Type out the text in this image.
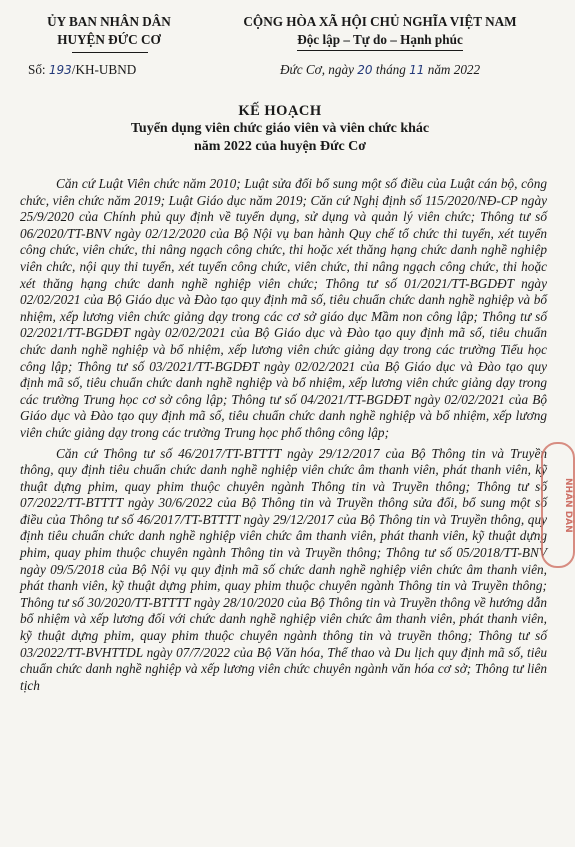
ỦY BAN NHÂN DÂN
HUYỆN ĐỨC CƠ
CỘNG HÒA XÃ HỘI CHỦ NGHĨA VIỆT NAM
Độc lập – Tự do – Hạnh phúc
Số: 193/KH-UBND	Đức Cơ, ngày 20 tháng 11 năm 2022
KẾ HOẠCH
Tuyển dụng viên chức giáo viên và viên chức khác
năm 2022 của huyện Đức Cơ

Căn cứ Luật Viên chức năm 2010; Luật sửa đổi bổ sung một số điều của Luật cán bộ, công chức, viên chức năm 2019; Luật Giáo dục năm 2019; Căn cứ Nghị định số 115/2020/NĐ-CP ngày 25/9/2020 của Chính phủ quy định về tuyển dụng, sử dụng và quản lý viên chức; Thông tư số 06/2020/TT-BNV ngày 02/12/2020 của Bộ Nội vụ ban hành Quy chế tổ chức thi tuyển, xét tuyển công chức, viên chức, thi nâng ngạch công chức, thi hoặc xét thăng hạng chức danh nghề nghiệp viên chức, nội quy thi tuyển, xét tuyển công chức, viên chức, thi nâng ngạch công chức, thi hoặc xét thăng hạng chức danh nghề nghiệp viên chức; Thông tư số 01/2021/TT-BGDĐT ngày 02/02/2021 của Bộ Giáo dục và Đào tạo quy định mã số, tiêu chuẩn chức danh nghề nghiệp và bổ nhiệm, xếp lương viên chức giảng dạy trong các cơ sở giáo dục Mầm non công lập; Thông tư số 02/2021/TT-BGDĐT ngày 02/02/2021 của Bộ Giáo dục và Đào tạo quy định mã số, tiêu chuẩn chức danh nghề nghiệp và bổ nhiệm, xếp lương viên chức giảng dạy trong các trường Tiểu học công lập; Thông tư số 03/2021/TT-BGDĐT ngày 02/02/2021 của Bộ Giáo dục và Đào tạo quy định mã số, tiêu chuẩn chức danh nghề nghiệp và bổ nhiệm, xếp lương viên chức giảng dạy trong các trường Trung học cơ sở công lập; Thông tư số 04/2021/TT-BGDĐT ngày 02/02/2021 của Bộ Giáo dục và Đào tạo quy định mã số, tiêu chuẩn chức danh nghề nghiệp và bổ nhiệm, xếp lương viên chức giảng dạy trong các trường Trung học phổ thông công lập;

Căn cứ Thông tư số 46/2017/TT-BTTTT ngày 29/12/2017 của Bộ Thông tin và Truyền thông, quy định tiêu chuẩn chức danh nghề nghiệp viên chức âm thanh viên, phát thanh viên, kỹ thuật dựng phim, quay phim thuộc chuyên ngành Thông tin và Truyền thông; Thông tư số 07/2022/TT-BTTTT ngày 30/6/2022 của Bộ Thông tin và Truyền thông sửa đổi, bổ sung một số điều của Thông tư số 46/2017/TT-BTTTT ngày 29/12/2017 của Bộ Thông tin và Truyền thông, quy định tiêu chuẩn chức danh nghề nghiệp viên chức âm thanh viên, phát thanh viên, kỹ thuật dựng phim, quay phim thuộc chuyên ngành Thông tin và Truyền thông; Thông tư số 05/2018/TT-BNV ngày 09/5/2018 của Bộ Nội vụ quy định mã số chức danh nghề nghiệp viên chức âm thanh viên, phát thanh viên, kỹ thuật dựng phim, quay phim thuộc chuyên ngành Thông tin và Truyền thông; Thông tư số 30/2020/TT-BTTTT ngày 28/10/2020 của Bộ Thông tin và Truyền thông về hướng dẫn bổ nhiệm và xếp lương đối với chức danh nghề nghiệp viên chức âm thanh viên, phát thanh viên, kỹ thuật dựng phim, quay phim thuộc chuyên ngành thông tin và truyền thông; Thông tư số 03/2022/TT-BVHTTDL ngày 07/7/2022 của Bộ Văn hóa, Thể thao và Du lịch quy định mã số, tiêu chuẩn chức danh nghề nghiệp và xếp lương viên chức chuyên ngành văn hóa cơ sở; Thông tư liên tịch

NHÂN DÂN
